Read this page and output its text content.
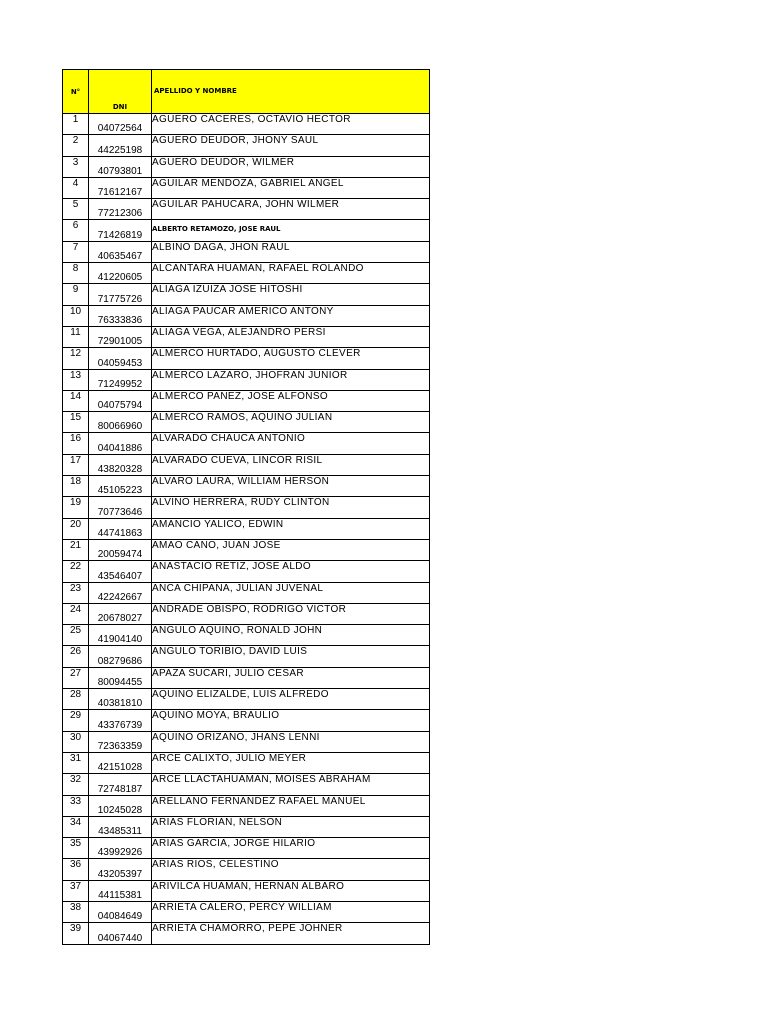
N°	DNI	APELLIDO Y NOMBRE
1	04072564	AGUERO CACERES, OCTAVIO HECTOR
2	44225198	AGUERO DEUDOR, JHONY SAUL
3	40793801	AGUERO DEUDOR, WILMER
4	71612167	AGUILAR MENDOZA, GABRIEL ANGEL
5	77212306	AGUILAR PAHUCARA, JOHN WILMER
6	71426819	ALBERTO RETAMOZO, JOSE RAUL
7	40635467	ALBINO DAGA, JHON RAUL
8	41220605	ALCANTARA HUAMAN, RAFAEL ROLANDO
9	71775726	ALIAGA IZUIZA JOSE HITOSHI
10	76333836	ALIAGA PAUCAR AMERICO ANTONY
11	72901005	ALIAGA VEGA, ALEJANDRO PERSI
12	04059453	ALMERCO HURTADO, AUGUSTO CLEVER
13	71249952	ALMERCO LAZARO, JHOFRAN JUNIOR
14	04075794	ALMERCO PANEZ, JOSE ALFONSO
15	80066960	ALMERCO RAMOS, AQUINO JULIAN
16	04041886	ALVARADO CHAUCA ANTONIO
17	43820328	ALVARADO CUEVA, LINCOR RISIL
18	45105223	ALVARO LAURA, WILLIAM HERSON
19	70773646	ALVINO HERRERA, RUDY CLINTON
20	44741863	AMANCIO YALICO, EDWIN
21	20059474	AMAO CANO, JUAN JOSE
22	43546407	ANASTACIO RETIZ, JOSE ALDO
23	42242667	ANCA CHIPANA, JULIAN JUVENAL
24	20678027	ANDRADE OBISPO, RODRIGO VICTOR
25	41904140	ANGULO AQUINO, RONALD JOHN
26	08279686	ANGULO TORIBIO, DAVID LUIS
27	80094455	APAZA SUCARI, JULIO CESAR
28	40381810	AQUINO ELIZALDE, LUIS ALFREDO
29	43376739	AQUINO MOYA, BRAULIO
30	72363359	AQUINO ORIZANO, JHANS LENNI
31	42151028	ARCE CALIXTO, JULIO MEYER
32	72748187	ARCE LLACTAHUAMAN, MOISES ABRAHAM
33	10245028	ARELLANO FERNANDEZ RAFAEL MANUEL
34	43485311	ARIAS FLORIAN, NELSON
35	43992926	ARIAS GARCIA, JORGE HILARIO
36	43205397	ARIAS RIOS, CELESTINO
37	44115381	ARIVILCA HUAMAN, HERNAN ALBARO
38	04084649	ARRIETA CALERO, PERCY WILLIAM
39	04067440	ARRIETA CHAMORRO, PEPE JOHNER
